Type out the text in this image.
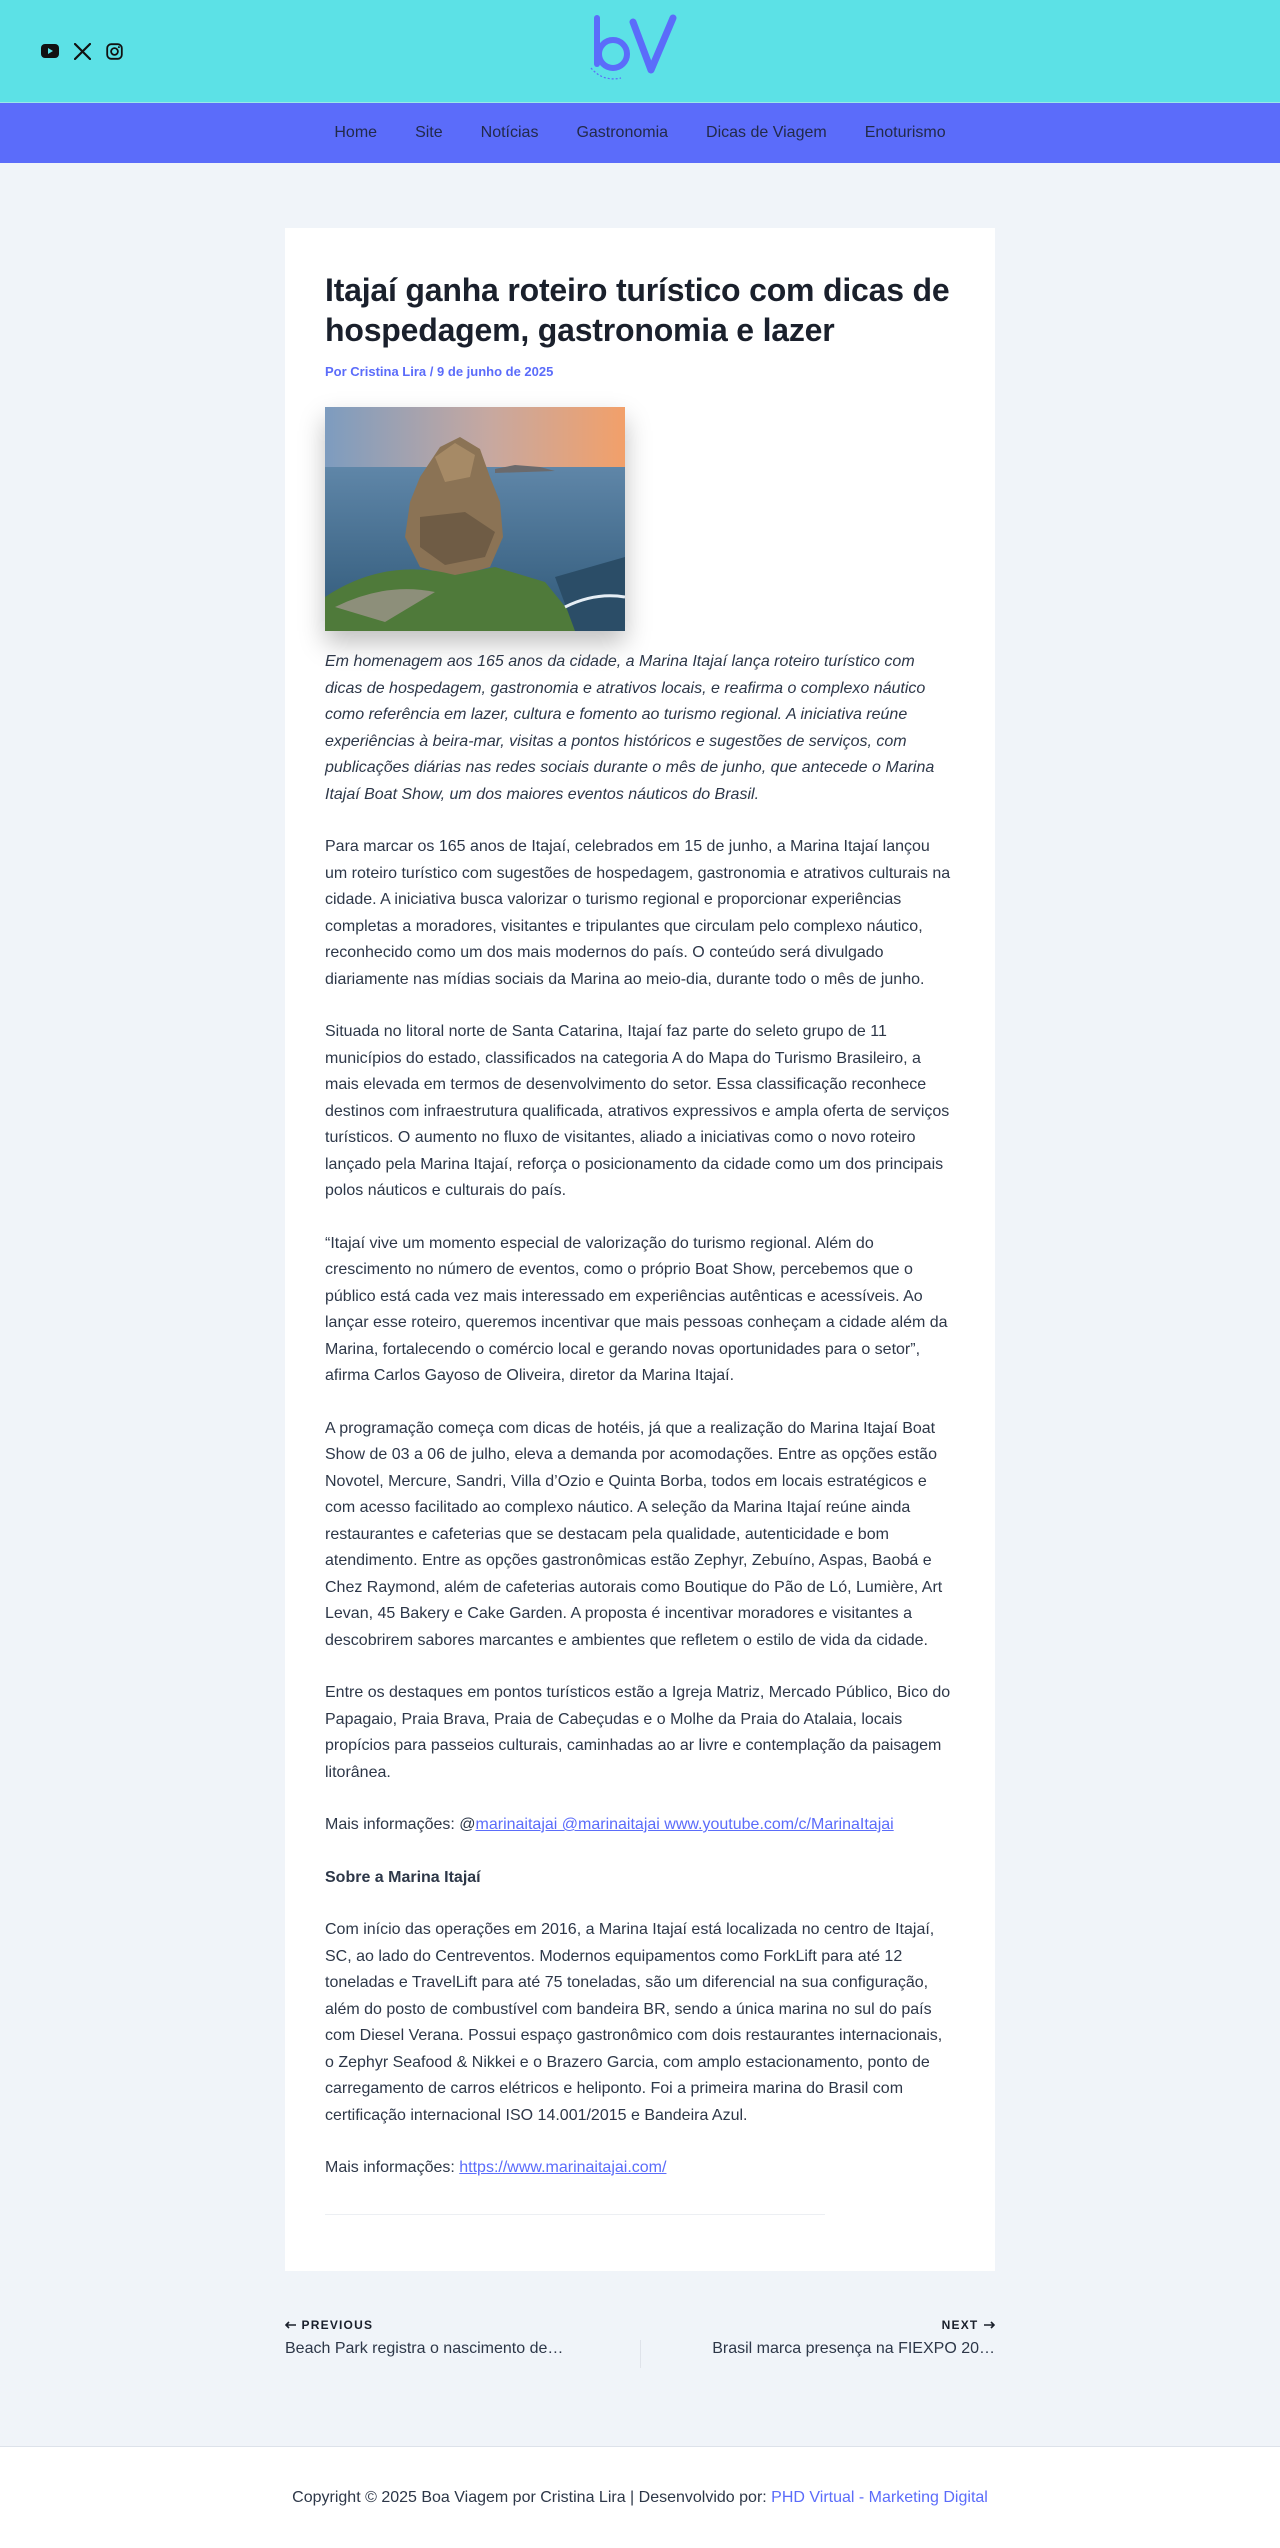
Home	Site	Notícias	Gastronomia	Dicas de Viagem	Enoturismo
Itajaí ganha roteiro turístico com dicas de hospedagem, gastronomia e lazer
Por Cristina Lira / 9 de junho de 2025

Em homenagem aos 165 anos da cidade, a Marina Itajaí lança roteiro turístico com dicas de hospedagem, gastronomia e atrativos locais, e reafirma o complexo náutico como referência em lazer, cultura e fomento ao turismo regional. A iniciativa reúne experiências à beira-mar, visitas a pontos históricos e sugestões de serviços, com publicações diárias nas redes sociais durante o mês de junho, que antecede o Marina Itajaí Boat Show, um dos maiores eventos náuticos do Brasil.

Para marcar os 165 anos de Itajaí, celebrados em 15 de junho, a Marina Itajaí lançou um roteiro turístico com sugestões de hospedagem, gastronomia e atrativos culturais na cidade. A iniciativa busca valorizar o turismo regional e proporcionar experiências completas a moradores, visitantes e tripulantes que circulam pelo complexo náutico, reconhecido como um dos mais modernos do país. O conteúdo será divulgado diariamente nas mídias sociais da Marina ao meio-dia, durante todo o mês de junho.

Situada no litoral norte de Santa Catarina, Itajaí faz parte do seleto grupo de 11 municípios do estado, classificados na categoria A do Mapa do Turismo Brasileiro, a mais elevada em termos de desenvolvimento do setor. Essa classificação reconhece destinos com infraestrutura qualificada, atrativos expressivos e ampla oferta de serviços turísticos. O aumento no fluxo de visitantes, aliado a iniciativas como o novo roteiro lançado pela Marina Itajaí, reforça o posicionamento da cidade como um dos principais polos náuticos e culturais do país.

“Itajaí vive um momento especial de valorização do turismo regional. Além do crescimento no número de eventos, como o próprio Boat Show, percebemos que o público está cada vez mais interessado em experiências autênticas e acessíveis. Ao lançar esse roteiro, queremos incentivar que mais pessoas conheçam a cidade além da Marina, fortalecendo o comércio local e gerando novas oportunidades para o setor”, afirma Carlos Gayoso de Oliveira, diretor da Marina Itajaí.

A programação começa com dicas de hotéis, já que a realização do Marina Itajaí Boat Show de 03 a 06 de julho, eleva a demanda por acomodações. Entre as opções estão Novotel, Mercure, Sandri, Villa d’Ozio e Quinta Borba, todos em locais estratégicos e com acesso facilitado ao complexo náutico. A seleção da Marina Itajaí reúne ainda restaurantes e cafeterias que se destacam pela qualidade, autenticidade e bom atendimento. Entre as opções gastronômicas estão Zephyr, Zebuíno, Aspas, Baobá e Chez Raymond, além de cafeterias autorais como Boutique do Pão de Ló, Lumière, Art Levan, 45 Bakery e Cake Garden. A proposta é incentivar moradores e visitantes a descobrirem sabores marcantes e ambientes que refletem o estilo de vida da cidade.

Entre os destaques em pontos turísticos estão a Igreja Matriz, Mercado Público, Bico do Papagaio, Praia Brava, Praia de Cabeçudas e o Molhe da Praia do Atalaia, locais propícios para passeios culturais, caminhadas ao ar livre e contemplação da paisagem litorânea.

Mais informações: @marinaitajai @marinaitajai www.youtube.com/c/MarinaItajai

Sobre a Marina Itajaí

Com início das operações em 2016, a Marina Itajaí está localizada no centro de Itajaí, SC, ao lado do Centreventos. Modernos equipamentos como ForkLift para até 12 toneladas e TravelLift para até 75 toneladas, são um diferencial na sua configuração, além do posto de combustível com bandeira BR, sendo a única marina no sul do país com Diesel Verana. Possui espaço gastronômico com dois restaurantes internacionais, o Zephyr Seafood & Nikkei e o Brazero Garcia, com amplo estacionamento, ponto de carregamento de carros elétricos e heliponto. Foi a primeira marina do Brasil com certificação internacional ISO 14.001/2015 e Bandeira Azul.

Mais informações: https://www.marinaitajai.com/

PREVIOUS
Beach Park registra o nascimento de…
NEXT
Brasil marca presença na FIEXPO 20…
Copyright © 2025 Boa Viagem por Cristina Lira | Desenvolvido por:
PHD Virtual - Marketing Digital
